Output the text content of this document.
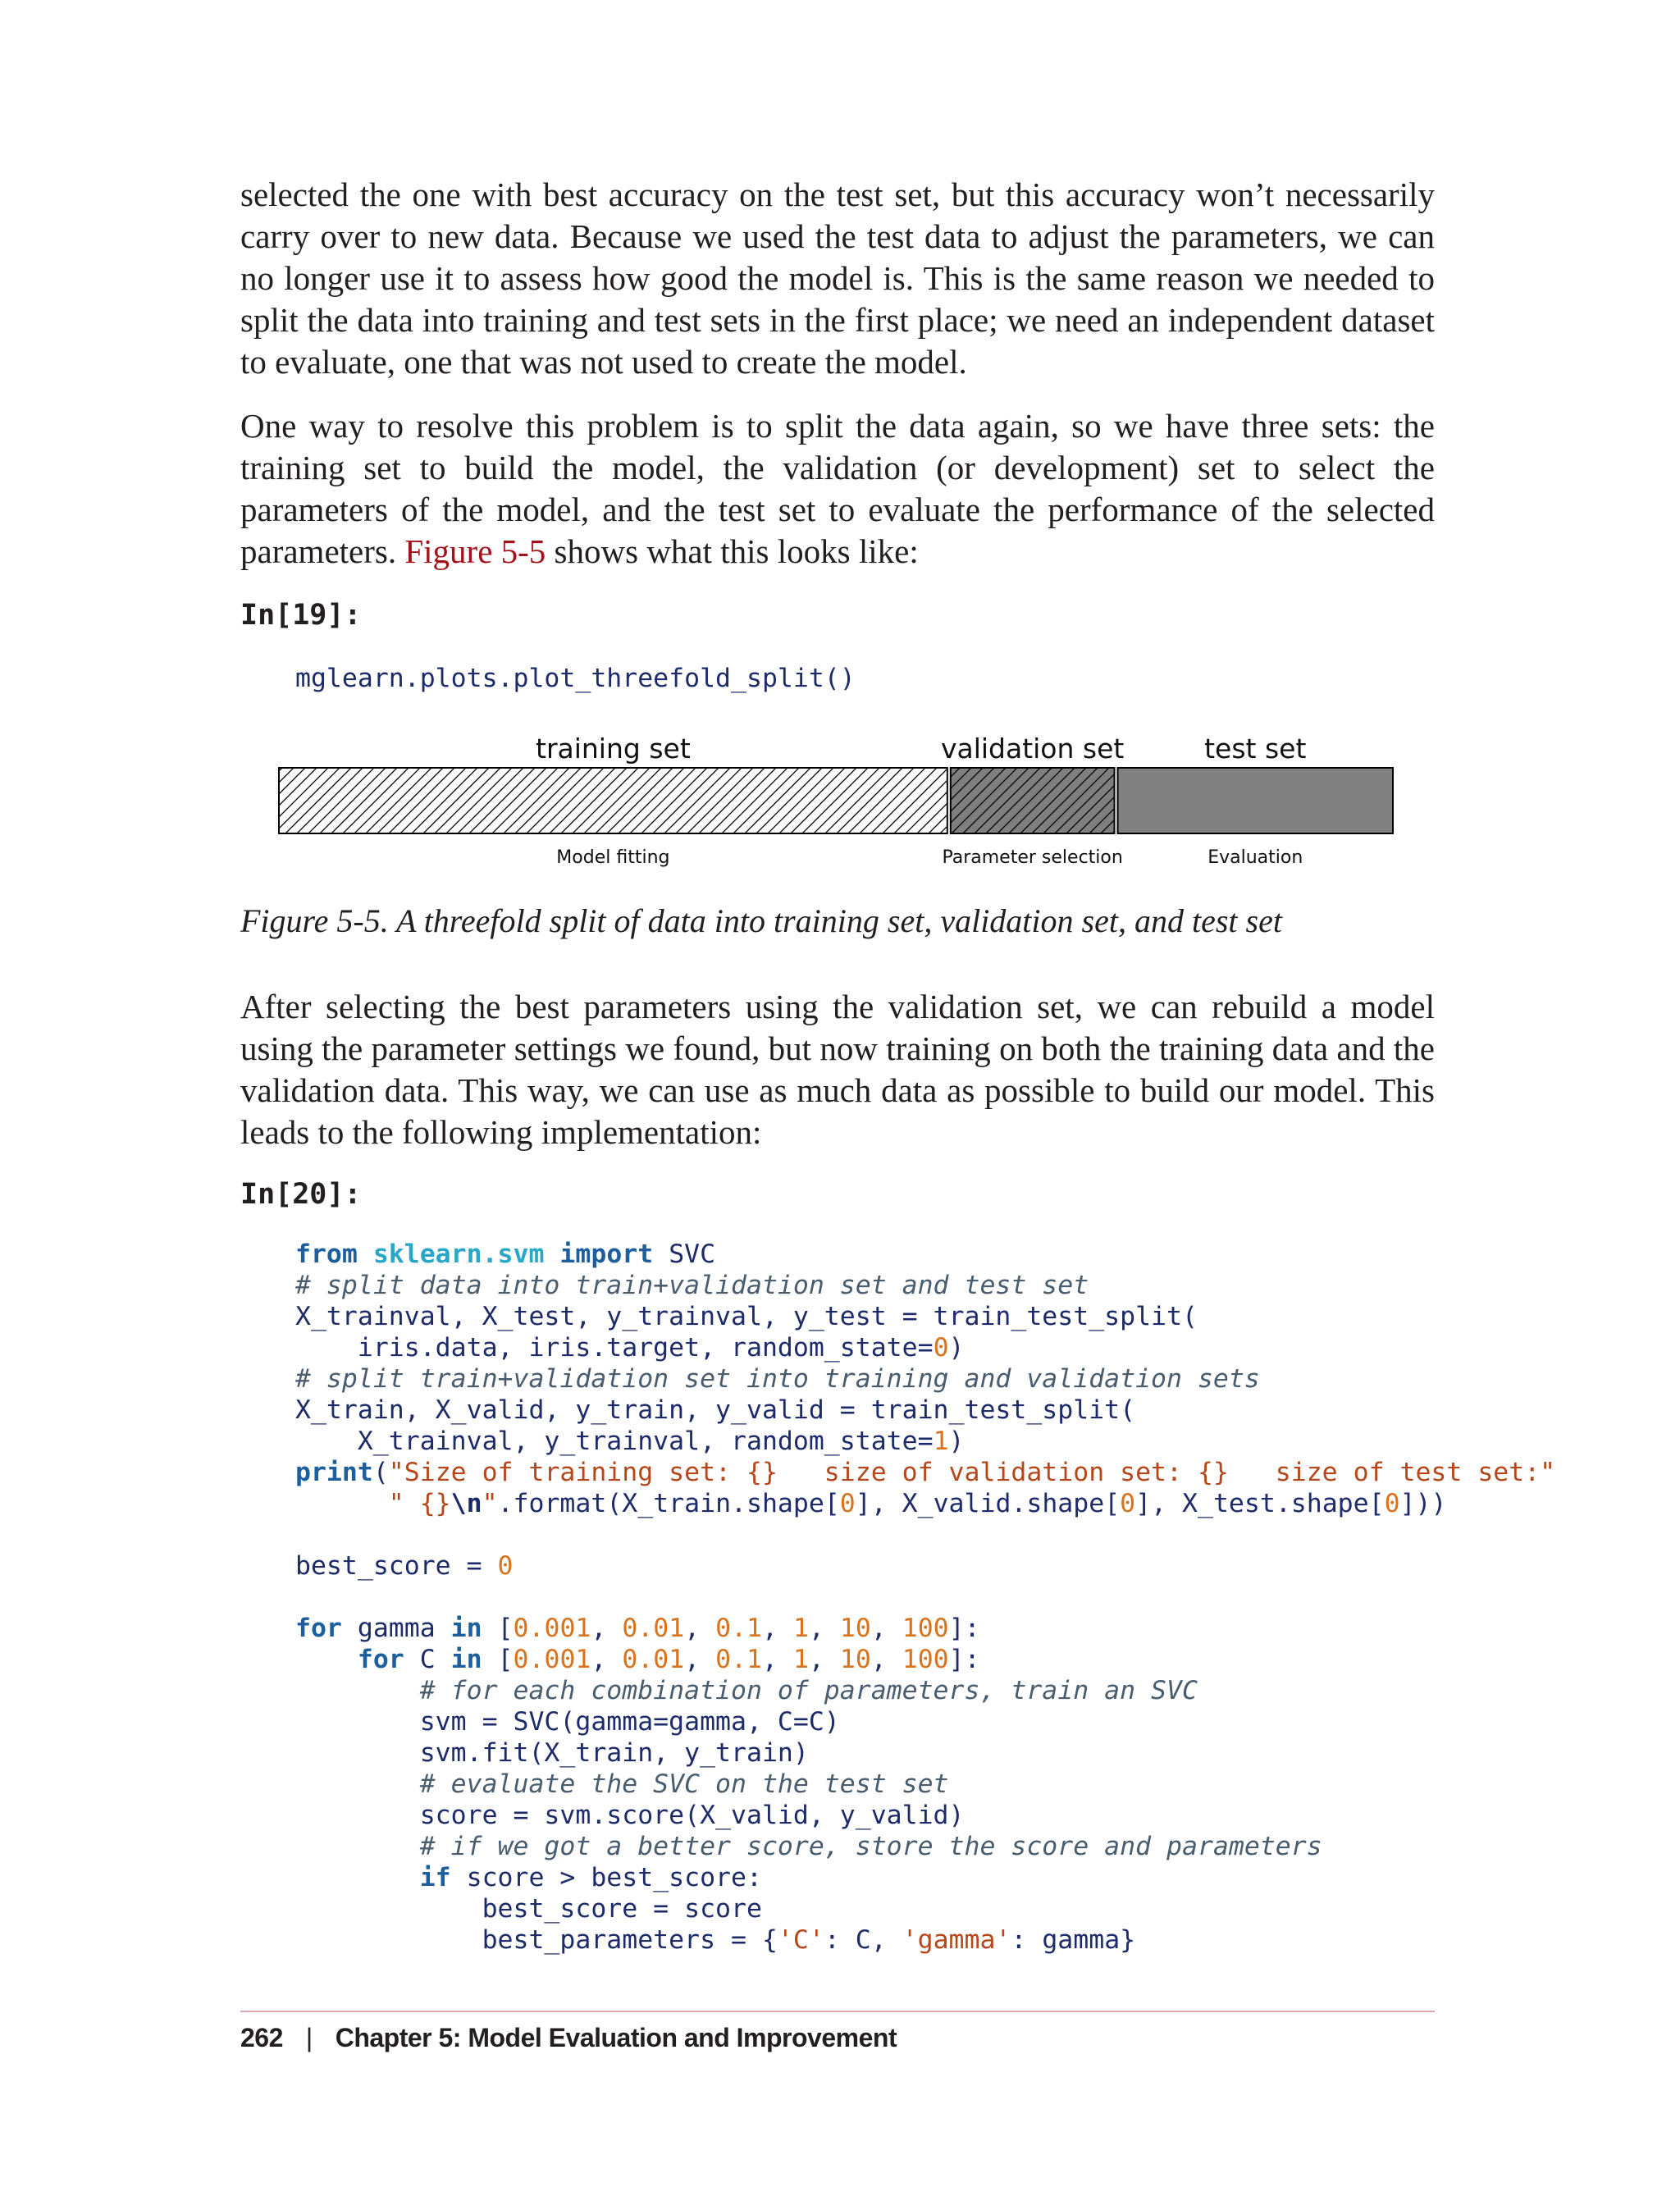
selected the one with best accuracy on the test set, but this accuracy won’t necessarily carry over to new data. Because we used the test data to adjust the parameters, we can no longer use it to assess how good the model is. This is the same reason we needed to split the data into training and test sets in the first place; we need an independent dataset to evaluate, one that was not used to create the model.

One way to resolve this problem is to split the data again, so we have three sets: the training set to build the model, the validation (or development) set to select the parameters of the model, and the test set to evaluate the performance of the selected parameters. Figure 5-5 shows what this looks like:

In[19]:
mglearn.plots.plot_threefold_split()
training set
Model fitting
validation set
Parameter selection
test set
Evaluation
Figure 5-5. A threefold split of data into training set, validation set, and test set

After selecting the best parameters using the validation set, we can rebuild a model using the parameter settings we found, but now training on both the training data and the validation data. This way, we can use as much data as possible to build our model. This leads to the following implementation:

In[20]:
from sklearn.svm import SVC
# split data into train+validation set and test set
X_trainval, X_test, y_trainval, y_test = train_test_split(
iris.data, iris.target, random_state=0)
# split train+validation set into training and validation sets
X_train, X_valid, y_train, y_valid = train_test_split(
X_trainval, y_trainval, random_state=1)
print("Size of training set: {}   size of validation set: {}   size of test set:"
" {}\n".format(X_train.shape[0], X_valid.shape[0], X_test.shape[0]))
best_score = 0
for gamma in [0.001, 0.01, 0.1, 1, 10, 100]:
for C in [0.001, 0.01, 0.1, 1, 10, 100]:
# for each combination of parameters, train an SVC
svm = SVC(gamma=gamma, C=C)
svm.fit(X_train, y_train)
# evaluate the SVC on the test set
score = svm.score(X_valid, y_valid)
# if we got a better score, store the score and parameters
if score > best_score:
best_score = score
best_parameters = {'C': C, 'gamma': gamma}
262 | Chapter 5: Model Evaluation and Improvement
